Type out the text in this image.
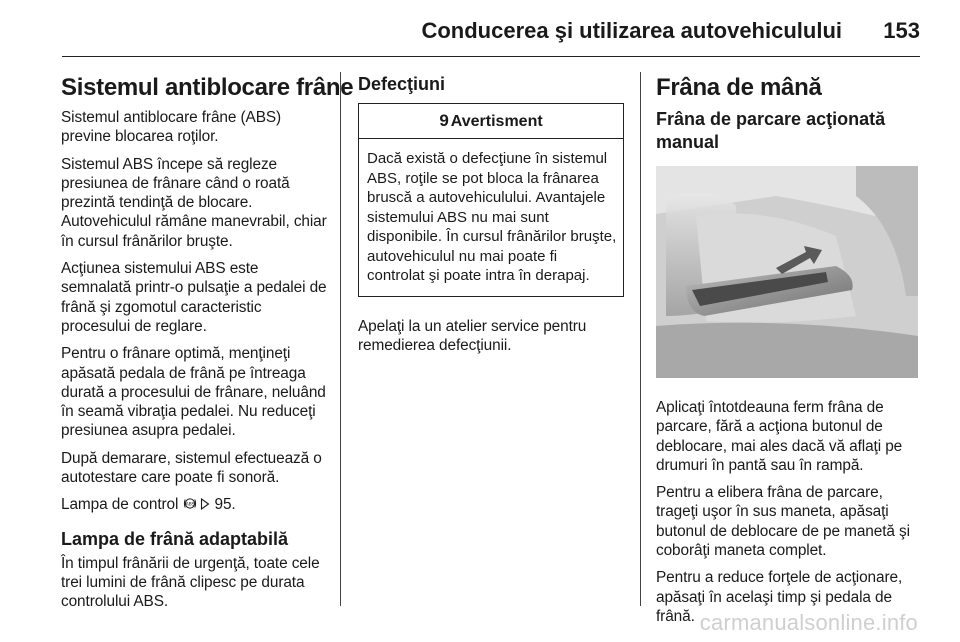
Conducerea şi utilizarea autovehiculului 153
Sistemul antiblocare frâne
Sistemul antiblocare frâne (ABS) previne blocarea roţilor.
Sistemul ABS începe să regleze presiunea de frânare când o roată prezintă tendinţă de blocare. Autovehiculul rămâne manevrabil, chiar în cursul frânărilor bruşte.
Acţiunea sistemului ABS este semnalată printr-o pulsaţie a pedalei de frână şi zgomotul caracteristic procesului de reglare.
Pentru o frânare optimă, menţineţi apăsată pedala de frână pe întreaga durată a procesului de frânare, neluând în seamă vibraţia pedalei. Nu reduceţi presiunea asupra pedalei.
După demarare, sistemul efectuează o autotestare care poate fi sonoră.
Lampa de control ABS 95.
Lampa de frână adaptabilă
În timpul frânării de urgenţă, toate cele trei lumini de frână clipesc pe durata controlului ABS.
Defecţiuni
9 Avertisment
Dacă există o defecţiune în sistemul ABS, roţile se pot bloca la frânarea bruscă a autovehiculului. Avantajele sistemului ABS nu mai sunt disponibile. În cursul frânărilor bruşte, autovehiculul nu mai poate fi controlat şi poate intra în derapaj.
Apelaţi la un atelier service pentru remedierea defecţiunii.
Frâna de mână
Frâna de parcare acţionată manual
Aplicaţi întotdeauna ferm frâna de parcare, fără a acţiona butonul de deblocare, mai ales dacă vă aflaţi pe drumuri în pantă sau în rampă.
Pentru a elibera frâna de parcare, trageţi uşor în sus maneta, apăsaţi butonul de deblocare de pe manetă şi coborâţi maneta complet.
Pentru a reduce forţele de acţionare, apăsaţi în acelaşi timp şi pedala de frână. carmanualsonline.info
